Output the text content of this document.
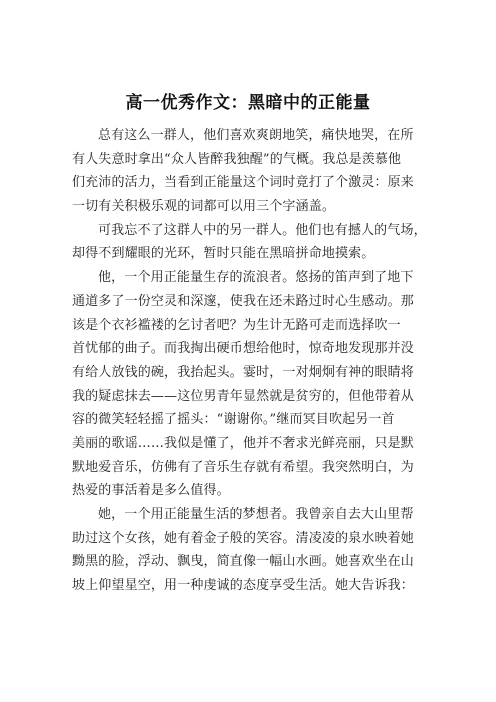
高一优秀作文：黑暗中的正能量
总有这么一群人，他们喜欢爽朗地笑，痛快地哭，在所
有人失意时拿出“众人皆醉我独醒”的气概。我总是羡慕他
们充沛的活力，当看到正能量这个词时竟打了个激灵：原来
一切有关积极乐观的词都可以用三个字涵盖。
可我忘不了这群人中的另一群人。他们也有撼人的气场，
却得不到耀眼的光环，暂时只能在黑暗拼命地摸索。
他，一个用正能量生存的流浪者。悠扬的笛声到了地下
通道多了一份空灵和深邃，使我在还未路过时心生感动。那
该是个衣衫褴褛的乞讨者吧？为生计无路可走而选择吹一
首忧郁的曲子。而我掏出硬币想给他时，惊奇地发现那并没
有给人放钱的碗，我抬起头。霎时，一对炯炯有神的眼睛将
我的疑虑抹去——这位男青年显然就是贫穷的，但他带着从
容的微笑轻轻摇了摇头：“谢谢你。”继而冥目吹起另一首
美丽的歌谣……我似是懂了，他并不奢求光鲜亮丽，只是默
默地爱音乐，仿佛有了音乐生存就有希望。我突然明白，为
热爱的事活着是多么值得。
她，一个用正能量生活的梦想者。我曾亲自去大山里帮
助过这个女孩，她有着金子般的笑容。清凌凌的泉水映着她
黝黑的脸，浮动、飘曳，简直像一幅山水画。她喜欢坐在山
坡上仰望星空，用一种虔诚的态度享受生活。她大告诉我：
